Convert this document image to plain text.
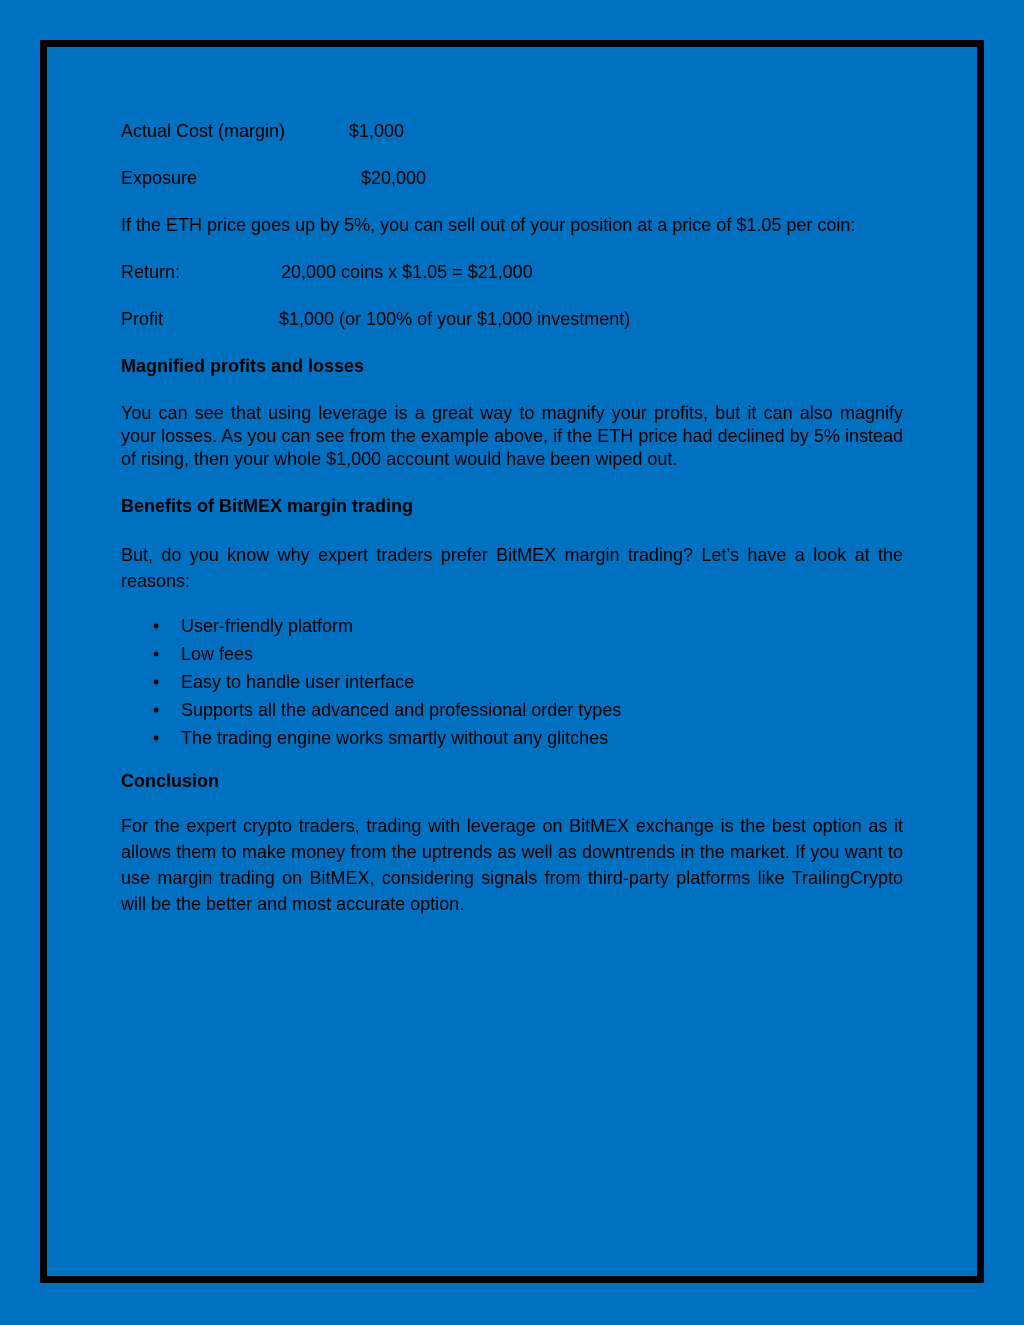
Actual Cost (margin)	$1,000
Exposure	$20,000

If the ETH price goes up by 5%, you can sell out of your position at a price of $1.05 per coin:

Return:	20,000 coins x $1.05 = $21,000
Profit	$1,000 (or 100% of your $1,000 investment)
Magnified profits and losses

You can see that using leverage is a great way to magnify your profits, but it can also magnify your losses. As you can see from the example above, if the ETH price had declined by 5% instead of rising, then your whole $1,000 account would have been wiped out.

Benefits of BitMEX margin trading

But, do you know why expert traders prefer BitMEX margin trading? Let’s have a look at the reasons:

• User-friendly platform
• Low fees
• Easy to handle user interface
• Supports all the advanced and professional order types
• The trading engine works smartly without any glitches
Conclusion

For the expert crypto traders, trading with leverage on BitMEX exchange is the best option as it allows them to make money from the uptrends as well as downtrends in the market. If you want to use margin trading on BitMEX, considering signals from third-party platforms like TrailingCrypto will be the better and most accurate option.
